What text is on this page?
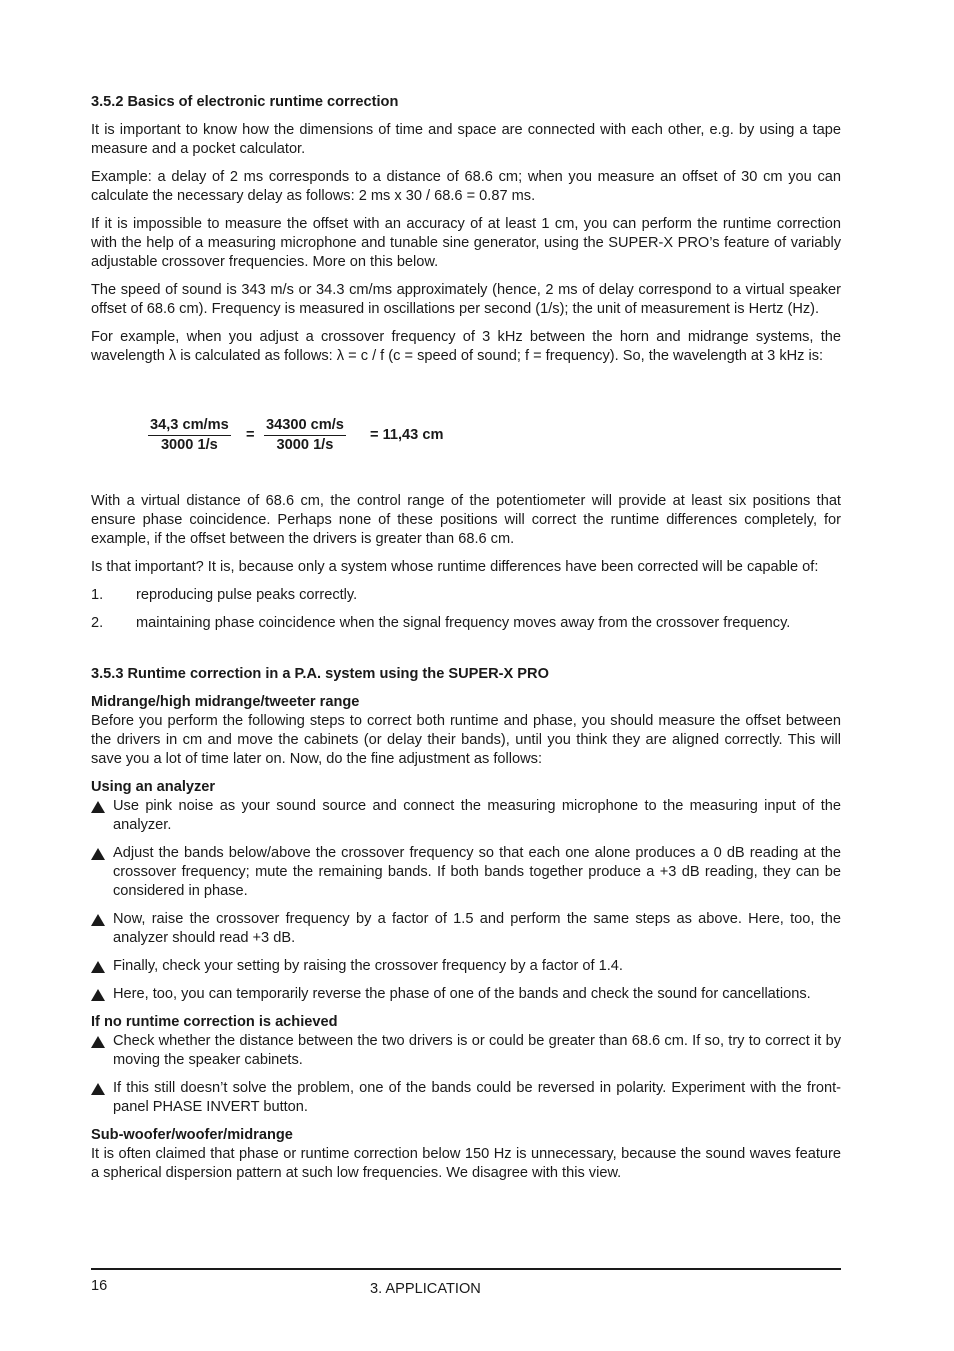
3.5.2 Basics of electronic runtime correction

It is important to know how the dimensions of time and space are connected with each other, e.g. by using a tape measure and a pocket calculator.

Example: a delay of 2 ms corresponds to a distance of 68.6 cm; when you measure an offset of 30 cm you can calculate the necessary delay as follows: 2 ms x 30 / 68.6 = 0.87 ms.

If it is impossible to measure the offset with an accuracy of at least 1 cm, you can perform the runtime correction with the help of a measuring microphone and tunable sine generator, using the SUPER-X PRO’s feature of variably adjustable crossover frequencies. More on this below.

The speed of sound is 343 m/s or 34.3 cm/ms approximately (hence, 2 ms of delay correspond to a virtual speaker offset of 68.6 cm). Frequency is measured in oscillations per second (1/s); the unit of measurement is Hertz (Hz).

For example, when you adjust a crossover frequency of 3 kHz between the horn and midrange systems, the wavelength λ is calculated as follows: λ = c / f (c = speed of sound; f = frequency). So, the wavelength at 3 kHz is:

$\frac{34,3 cm/ms}{3000 1/s} = \frac{34300 cm/s}{3000 1/s} = 11,43$ cm

With a virtual distance of 68.6 cm, the control range of the potentiometer will provide at least six positions that ensure phase coincidence. Perhaps none of these positions will correct the runtime differences completely, for example, if the offset between the drivers is greater than 68.6 cm.

Is that important? It is, because only a system whose runtime differences have been corrected will be capable of:

1. reproducing pulse peaks correctly.
2. maintaining phase coincidence when the signal frequency moves away from the crossover frequency.
3.5.3 Runtime correction in a P.A. system using the SUPER-X PRO
Midrange/high midrange/tweeter range

Before you perform the following steps to correct both runtime and phase, you should measure the offset between the drivers in cm and move the cabinets (or delay their bands), until you think they are aligned correctly. This will save you a lot of time later on. Now, do the fine adjustment as follows:

Using an analyzer
Use pink noise as your sound source and connect the measuring microphone to the measuring input of the analyzer.
Adjust the bands below/above the crossover frequency so that each one alone produces a 0 dB reading at the crossover frequency; mute the remaining bands. If both bands together produce a +3 dB reading, they can be considered in phase.
Now, raise the crossover frequency by a factor of 1.5 and perform the same steps as above. Here, too, the analyzer should read +3 dB.
Finally, check your setting by raising the crossover frequency by a factor of 1.4.
Here, too, you can temporarily reverse the phase of one of the bands and check the sound for cancellations.
If no runtime correction is achieved
Check whether the distance between the two drivers is or could be greater than 68.6 cm. If so, try to correct it by moving the speaker cabinets.
If this still doesn’t solve the problem, one of the bands could be reversed in polarity. Experiment with the front-panel PHASE INVERT button.
Sub-woofer/woofer/midrange

It is often claimed that phase or runtime correction below 150 Hz is unnecessary, because the sound waves feature a spherical dispersion pattern at such low frequencies. We disagree with this view.

16	3. APPLICATION
